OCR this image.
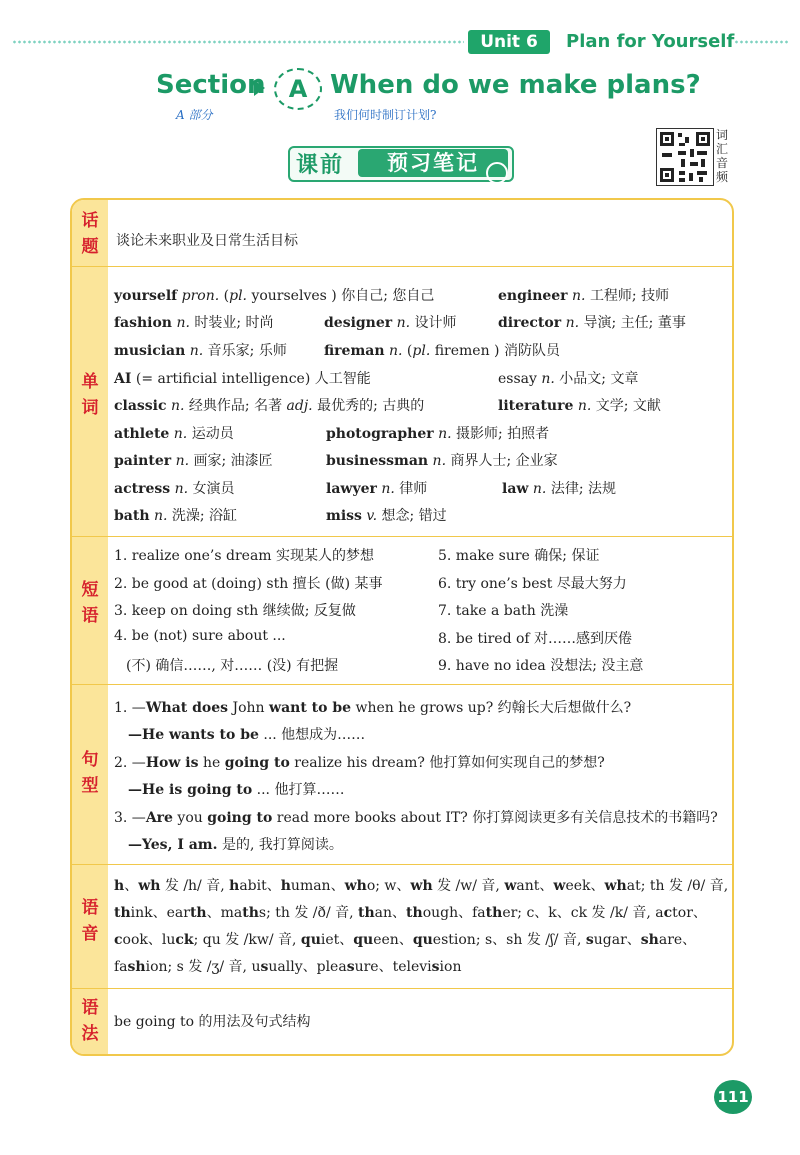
Unit 6	Plan for Yourself
Section A When do we make plans?
A 部分	我们何时制订计划?
课前	预习笔记
词汇音频
话
题	谈论未来职业及日常生活目标
单
词
yourself pron. (pl. yourselves ) 你自己; 您自己	engineer n. 工程师; 技师
fashion n. 时装业; 时尚	designer n. 设计师	director n. 导演; 主任; 董事
musician n. 音乐家; 乐师	fireman n. (pl. firemen ) 消防队员
AI (= artificial intelligence) 人工智能	essay n. 小品文; 文章
classic n. 经典作品; 名著 adj. 最优秀的; 古典的	literature n. 文学; 文献
athlete n. 运动员	photographer n. 摄影师; 拍照者
painter n. 画家; 油漆匠	businessman n. 商界人士; 企业家
actress n. 女演员	lawyer n. 律师	law n. 法律; 法规
bath n. 洗澡; 浴缸	miss v. 想念; 错过
短
语
1. realize one’s dream 实现某人的梦想
2. be good at (doing) sth 擅长 (做) 某事
3. keep on doing sth 继续做; 反复做
4. be (not) sure about ...
(不) 确信……, 对…… (没) 有把握
5. make sure 确保; 保证
6. try one’s best 尽最大努力
7. take a bath 洗澡
8. be tired of 对……感到厌倦
9. have no idea 没想法; 没主意
句
型
1. —What does John want to be when he grows up? 约翰长大后想做什么?
—He wants to be ... 他想成为……
2. —How is he going to realize his dream? 他打算如何实现自己的梦想?
—He is going to ... 他打算……
3. —Are you going to read more books about IT? 你打算阅读更多有关信息技术的书籍吗?
—Yes, I am. 是的, 我打算阅读。
语
音
h、wh 发 /h/ 音, habit、human、who; w、wh 发 /w/ 音, want、week、what; th 发 /θ/ 音,
think、earth、maths; th 发 /ð/ 音, than、though、father; c、k、ck 发 /k/ 音, actor、
cook、luck; qu 发 /kw/ 音, quiet、queen、question; s、sh 发 /ʃ/ 音, sugar、share、
fashion; s 发 /ʒ/ 音, usually、pleasure、television
语
法
be going to 的用法及句式结构
111
